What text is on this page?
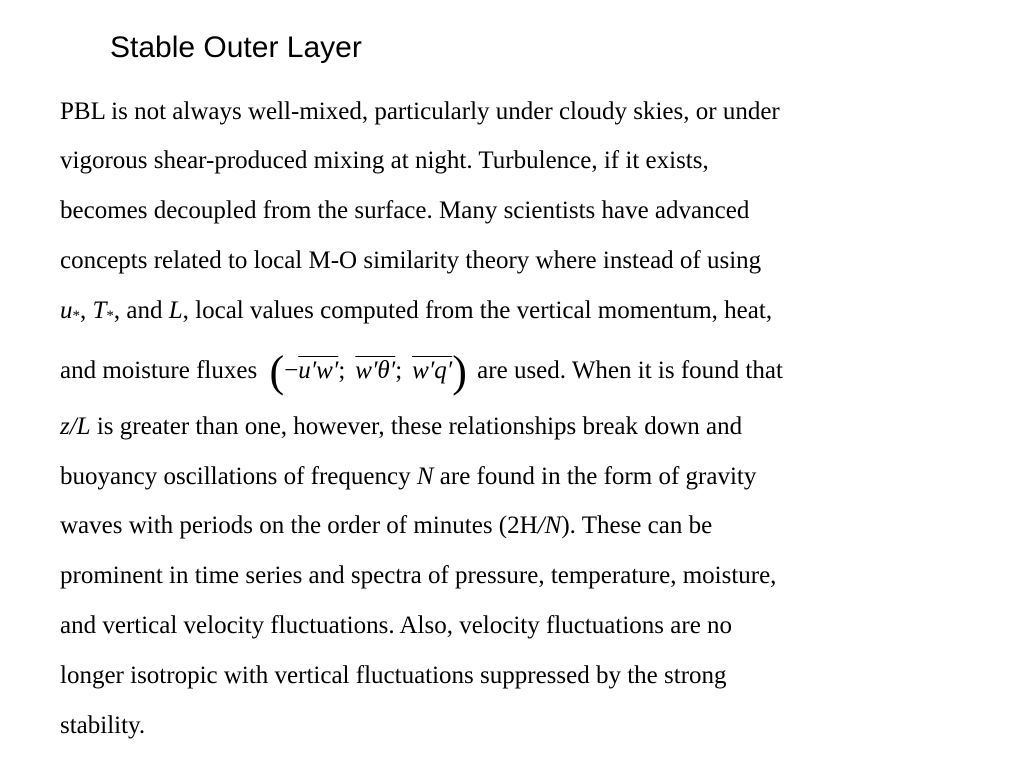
Stable Outer Layer
PBL is not always well-mixed, particularly under cloudy skies, or under
vigorous shear-produced mixing at night. Turbulence, if it exists,
becomes decoupled from the surface. Many scientists have advanced
concepts related to local M-O similarity theory where instead of using
u*, T*, and L, local values computed from the vertical momentum, heat,
and moisture fluxes (−u′w′; w′θ′; w′q′) are used. When it is found that
z/L is greater than one, however, these relationships break down and
buoyancy oscillations of frequency N are found in the form of gravity
waves with periods on the order of minutes (2H/N). These can be
prominent in time series and spectra of pressure, temperature, moisture,
and vertical velocity fluctuations. Also, velocity fluctuations are no
longer isotropic with vertical fluctuations suppressed by the strong
stability.
